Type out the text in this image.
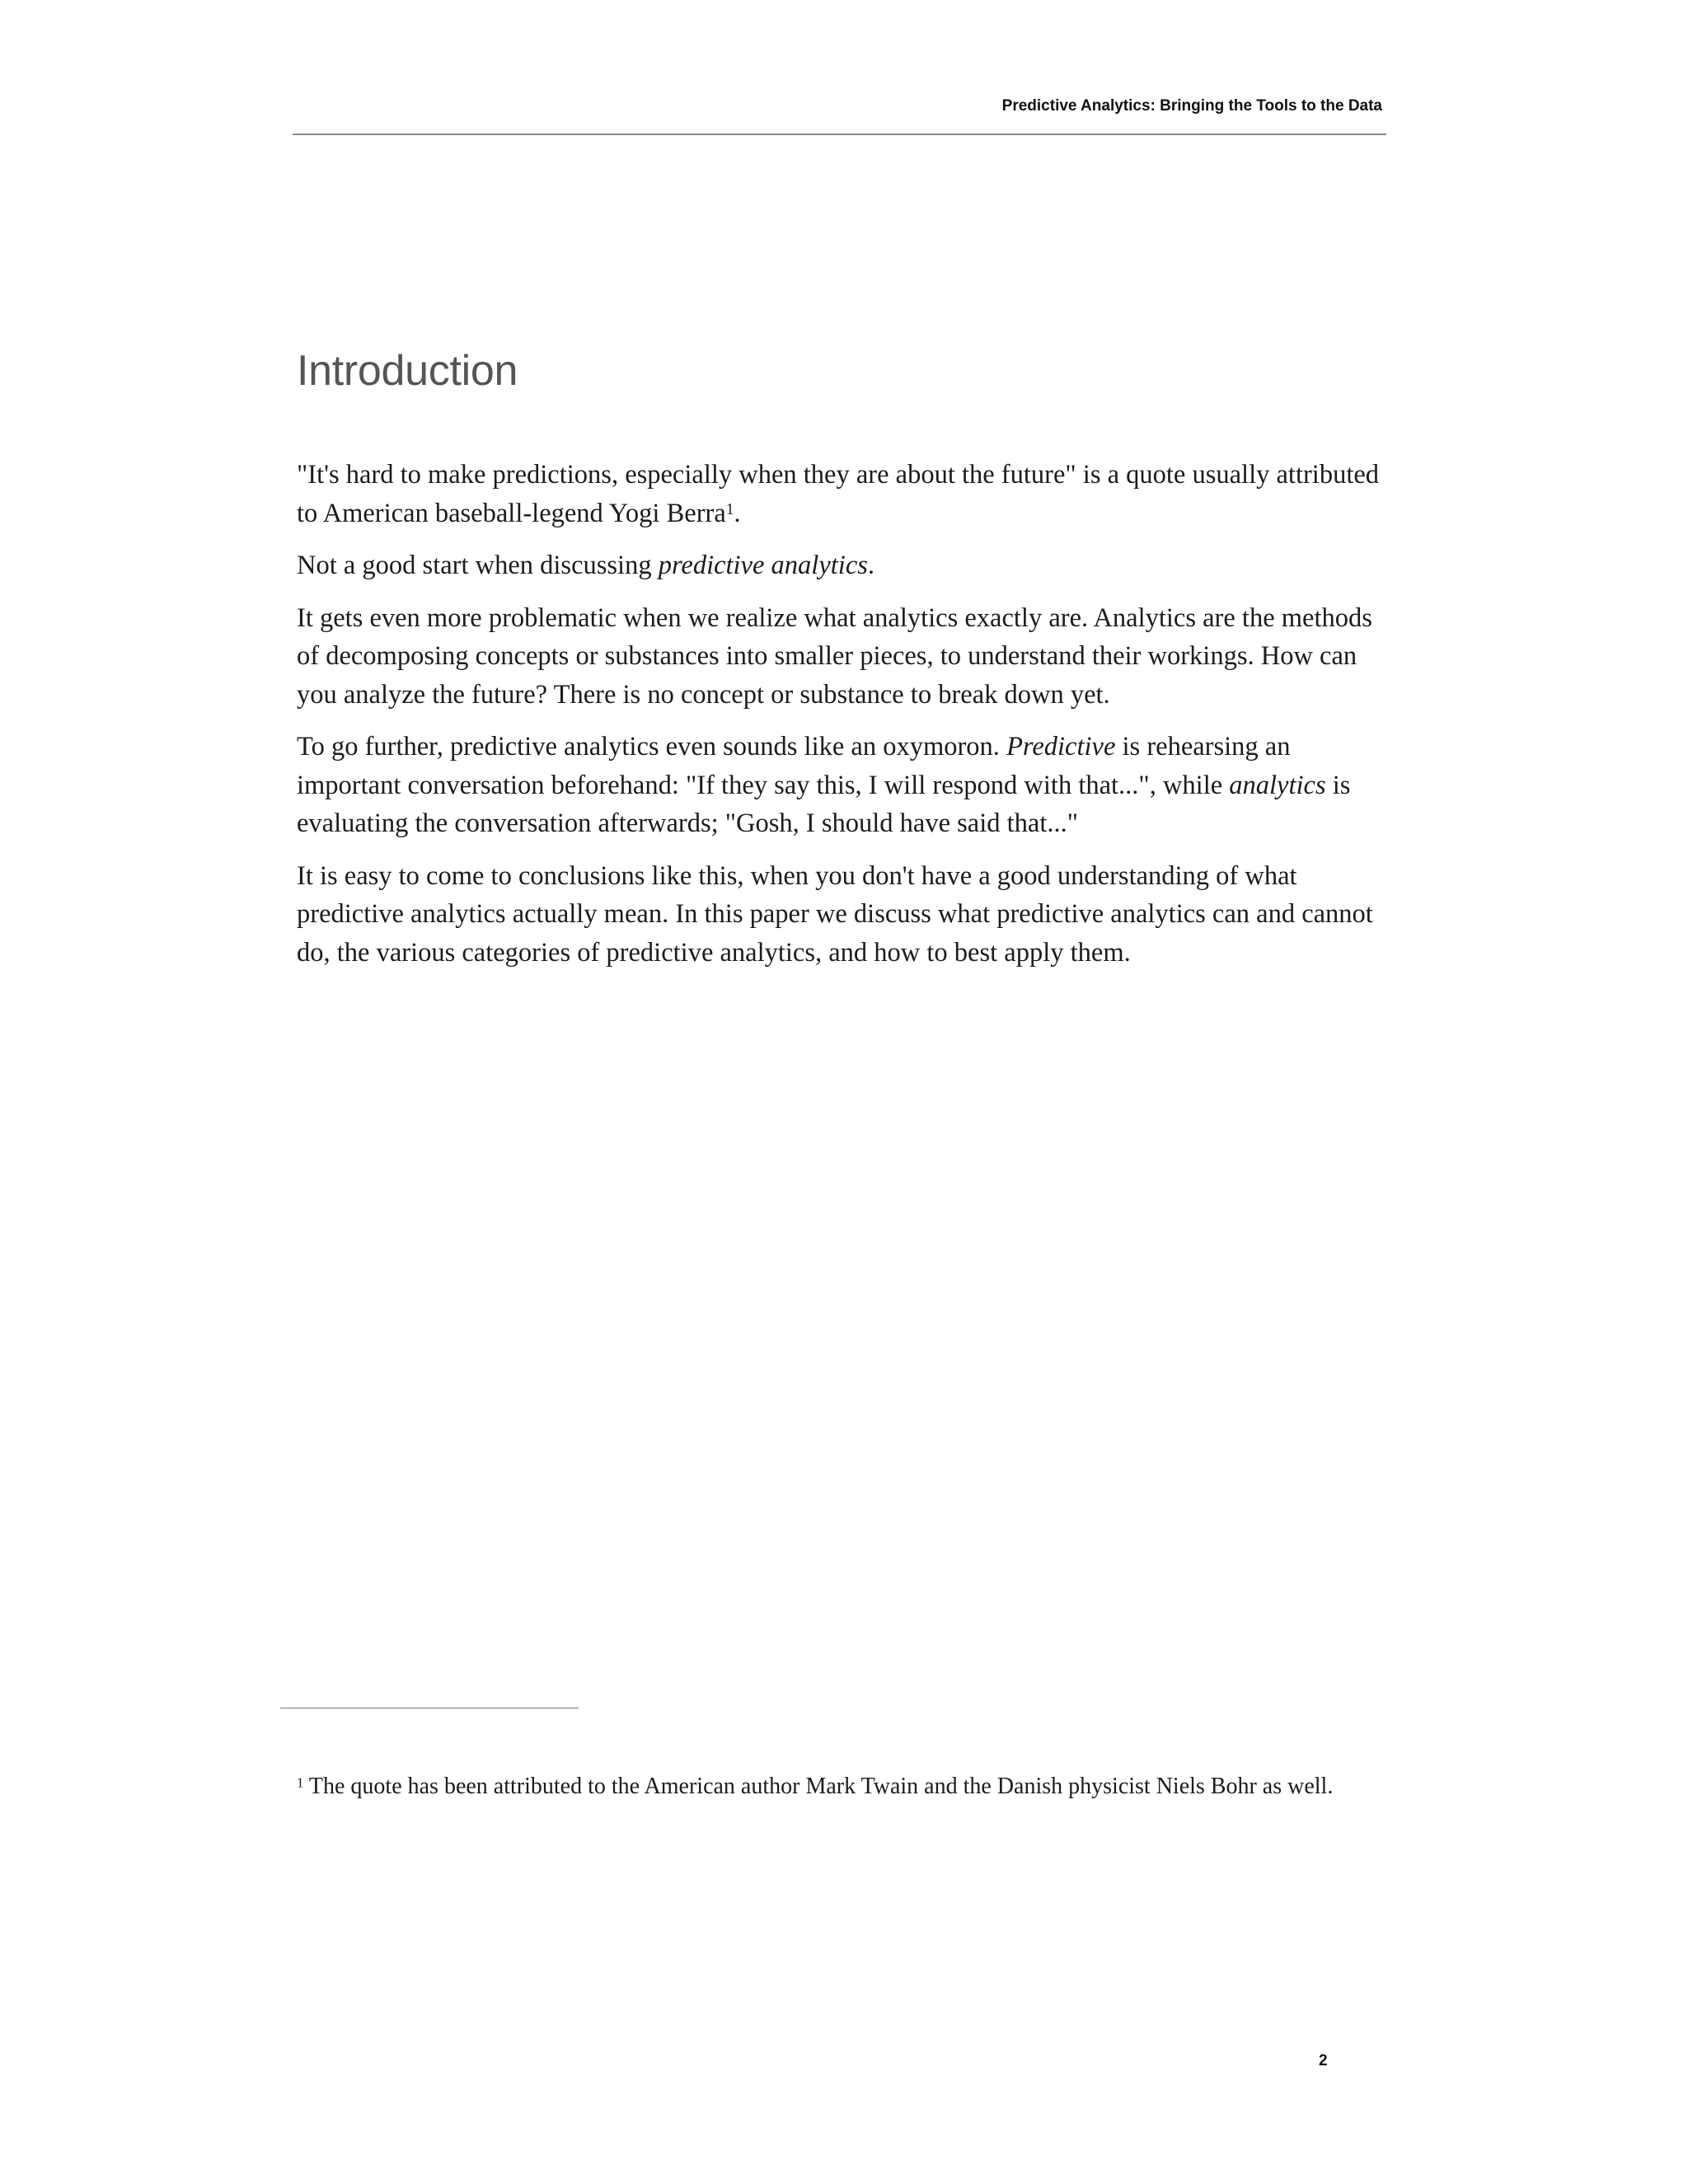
Predictive Analytics: Bringing the Tools to the Data
Introduction

"It's hard to make predictions, especially when they are about the future" is a quote usually attributed to American baseball-legend Yogi Berra$^1$.

Not a good start when discussing predictive analytics.

It gets even more problematic when we realize what analytics exactly are. Analytics are the methods of decomposing concepts or substances into smaller pieces, to understand their workings. How can you analyze the future? There is no concept or substance to break down yet.

To go further, predictive analytics even sounds like an oxymoron. Predictive is rehearsing an important conversation beforehand: "If they say this, I will respond with that...", while analytics is evaluating the conversation afterwards; "Gosh, I should have said that..."

It is easy to come to conclusions like this, when you don't have a good understanding of what predictive analytics actually mean. In this paper we discuss what predictive analytics can and cannot do, the various categories of predictive analytics, and how to best apply them.

$^1$ The quote has been attributed to the American author Mark Twain and the Danish physicist Niels Bohr as well.
2
